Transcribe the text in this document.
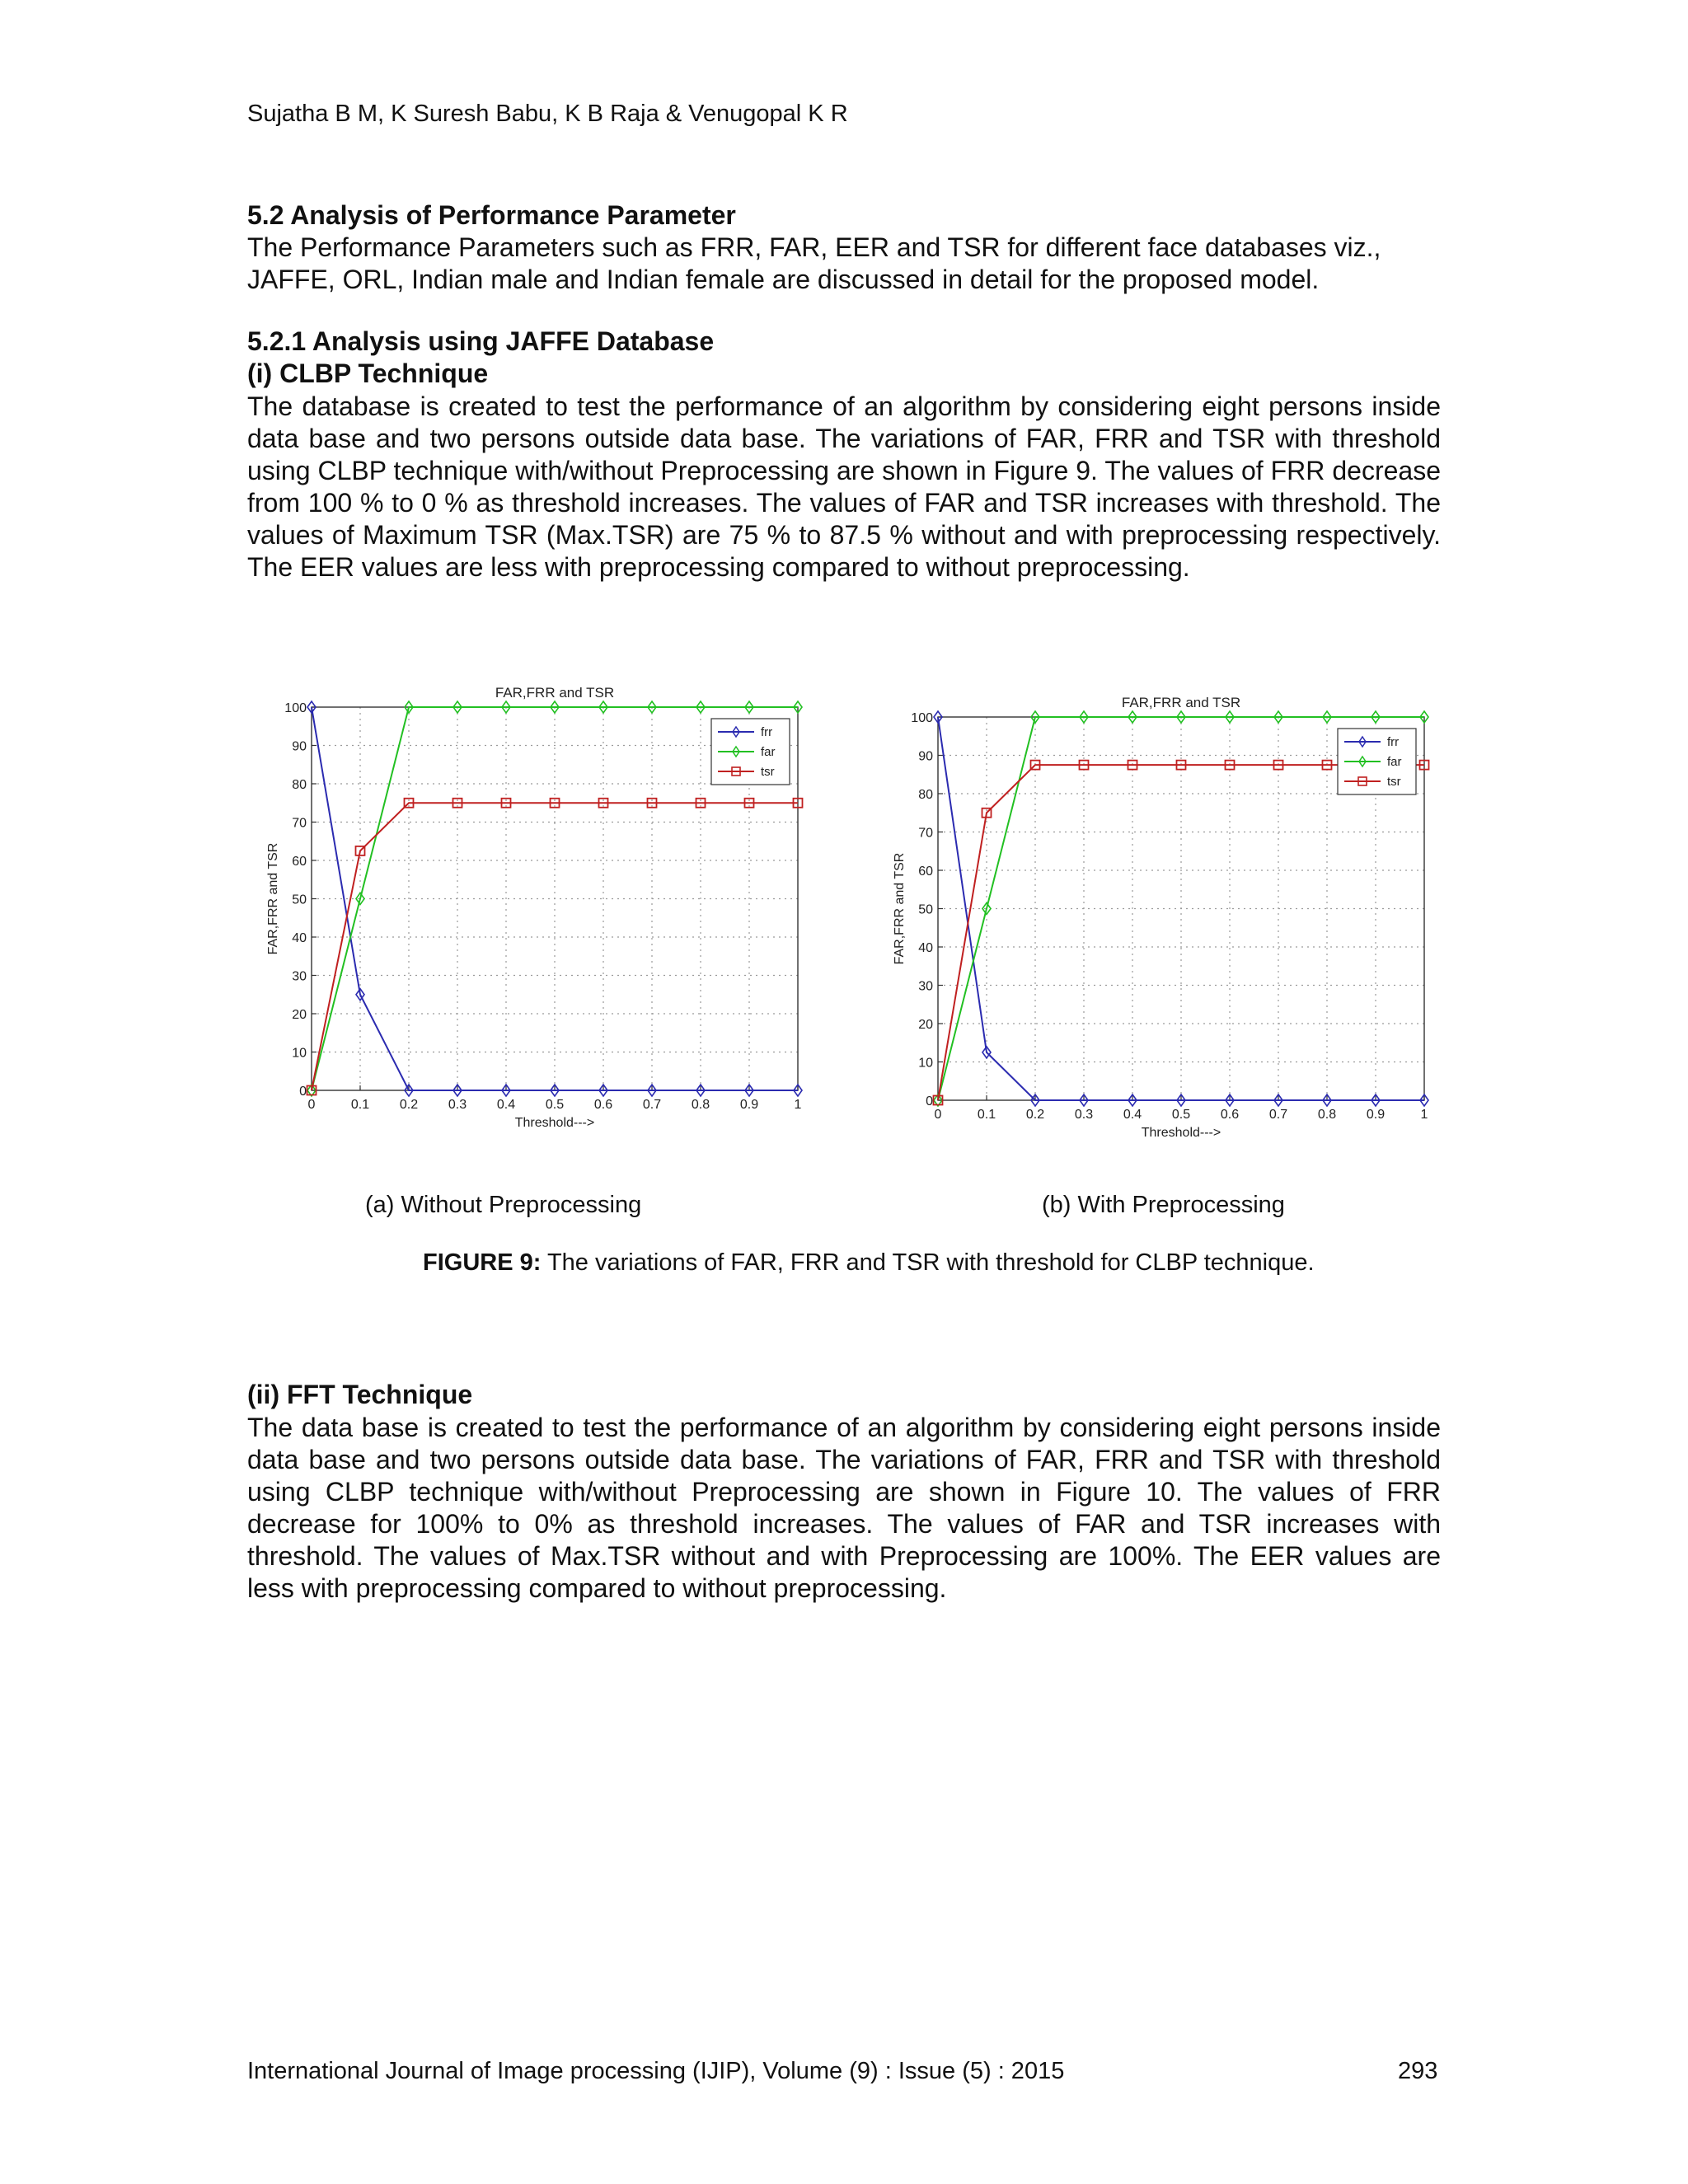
Sujatha B M, K Suresh Babu, K B Raja & Venugopal K R
5.2 Analysis of Performance Parameter
The Performance Parameters such as FRR, FAR, EER and TSR for different face databases viz.,
JAFFE, ORL, Indian male and Indian female are discussed in detail for the proposed model.
5.2.1 Analysis using JAFFE Database
(i) CLBP Technique
The database is created to test the performance of an algorithm by considering eight persons inside data base and two persons outside data base. The variations of FAR, FRR and TSR with threshold using CLBP technique with/without Preprocessing are shown in Figure 9. The values of FRR decrease from 100 % to 0 % as threshold increases. The values of FAR and TSR increases with threshold. The values of Maximum TSR (Max.TSR) are 75 % to 87.5 % without and with preprocessing respectively. The EER values are less with preprocessing compared to without preprocessing.
0	0.1 0.2 0.3 0.4 0.5 0.6 0.7 0.8 0.9	1
0
10
20
30
40
50
60
70
80
90
100
FAR,FRR and TSR
Threshold--->
FAR,FRR and TSR
frr
far
tsr
0	0.1 0.2 0.3 0.4 0.5 0.6 0.7 0.8 0.9	1
0
10
20
30
40
50
60
70
80
90
100
FAR,FRR and TSR
Threshold--->
FAR,FRR and TSR
frr
far
tsr
(a) Without Preprocessing	(b) With Preprocessing
FIGURE 9: The variations of FAR, FRR and TSR with threshold for CLBP technique.
(ii) FFT Technique
The data base is created to test the performance of an algorithm by considering eight persons inside data base and two persons outside data base. The variations of FAR, FRR and TSR with threshold using CLBP technique with/without Preprocessing are shown in Figure 10. The values of FRR decrease for 100% to 0% as threshold increases. The values of FAR and TSR increases with threshold. The values of Max.TSR without and with Preprocessing are 100%. The EER values are less with preprocessing compared to without preprocessing.
International Journal of Image processing (IJIP), Volume (9) : Issue (5) : 2015	293
